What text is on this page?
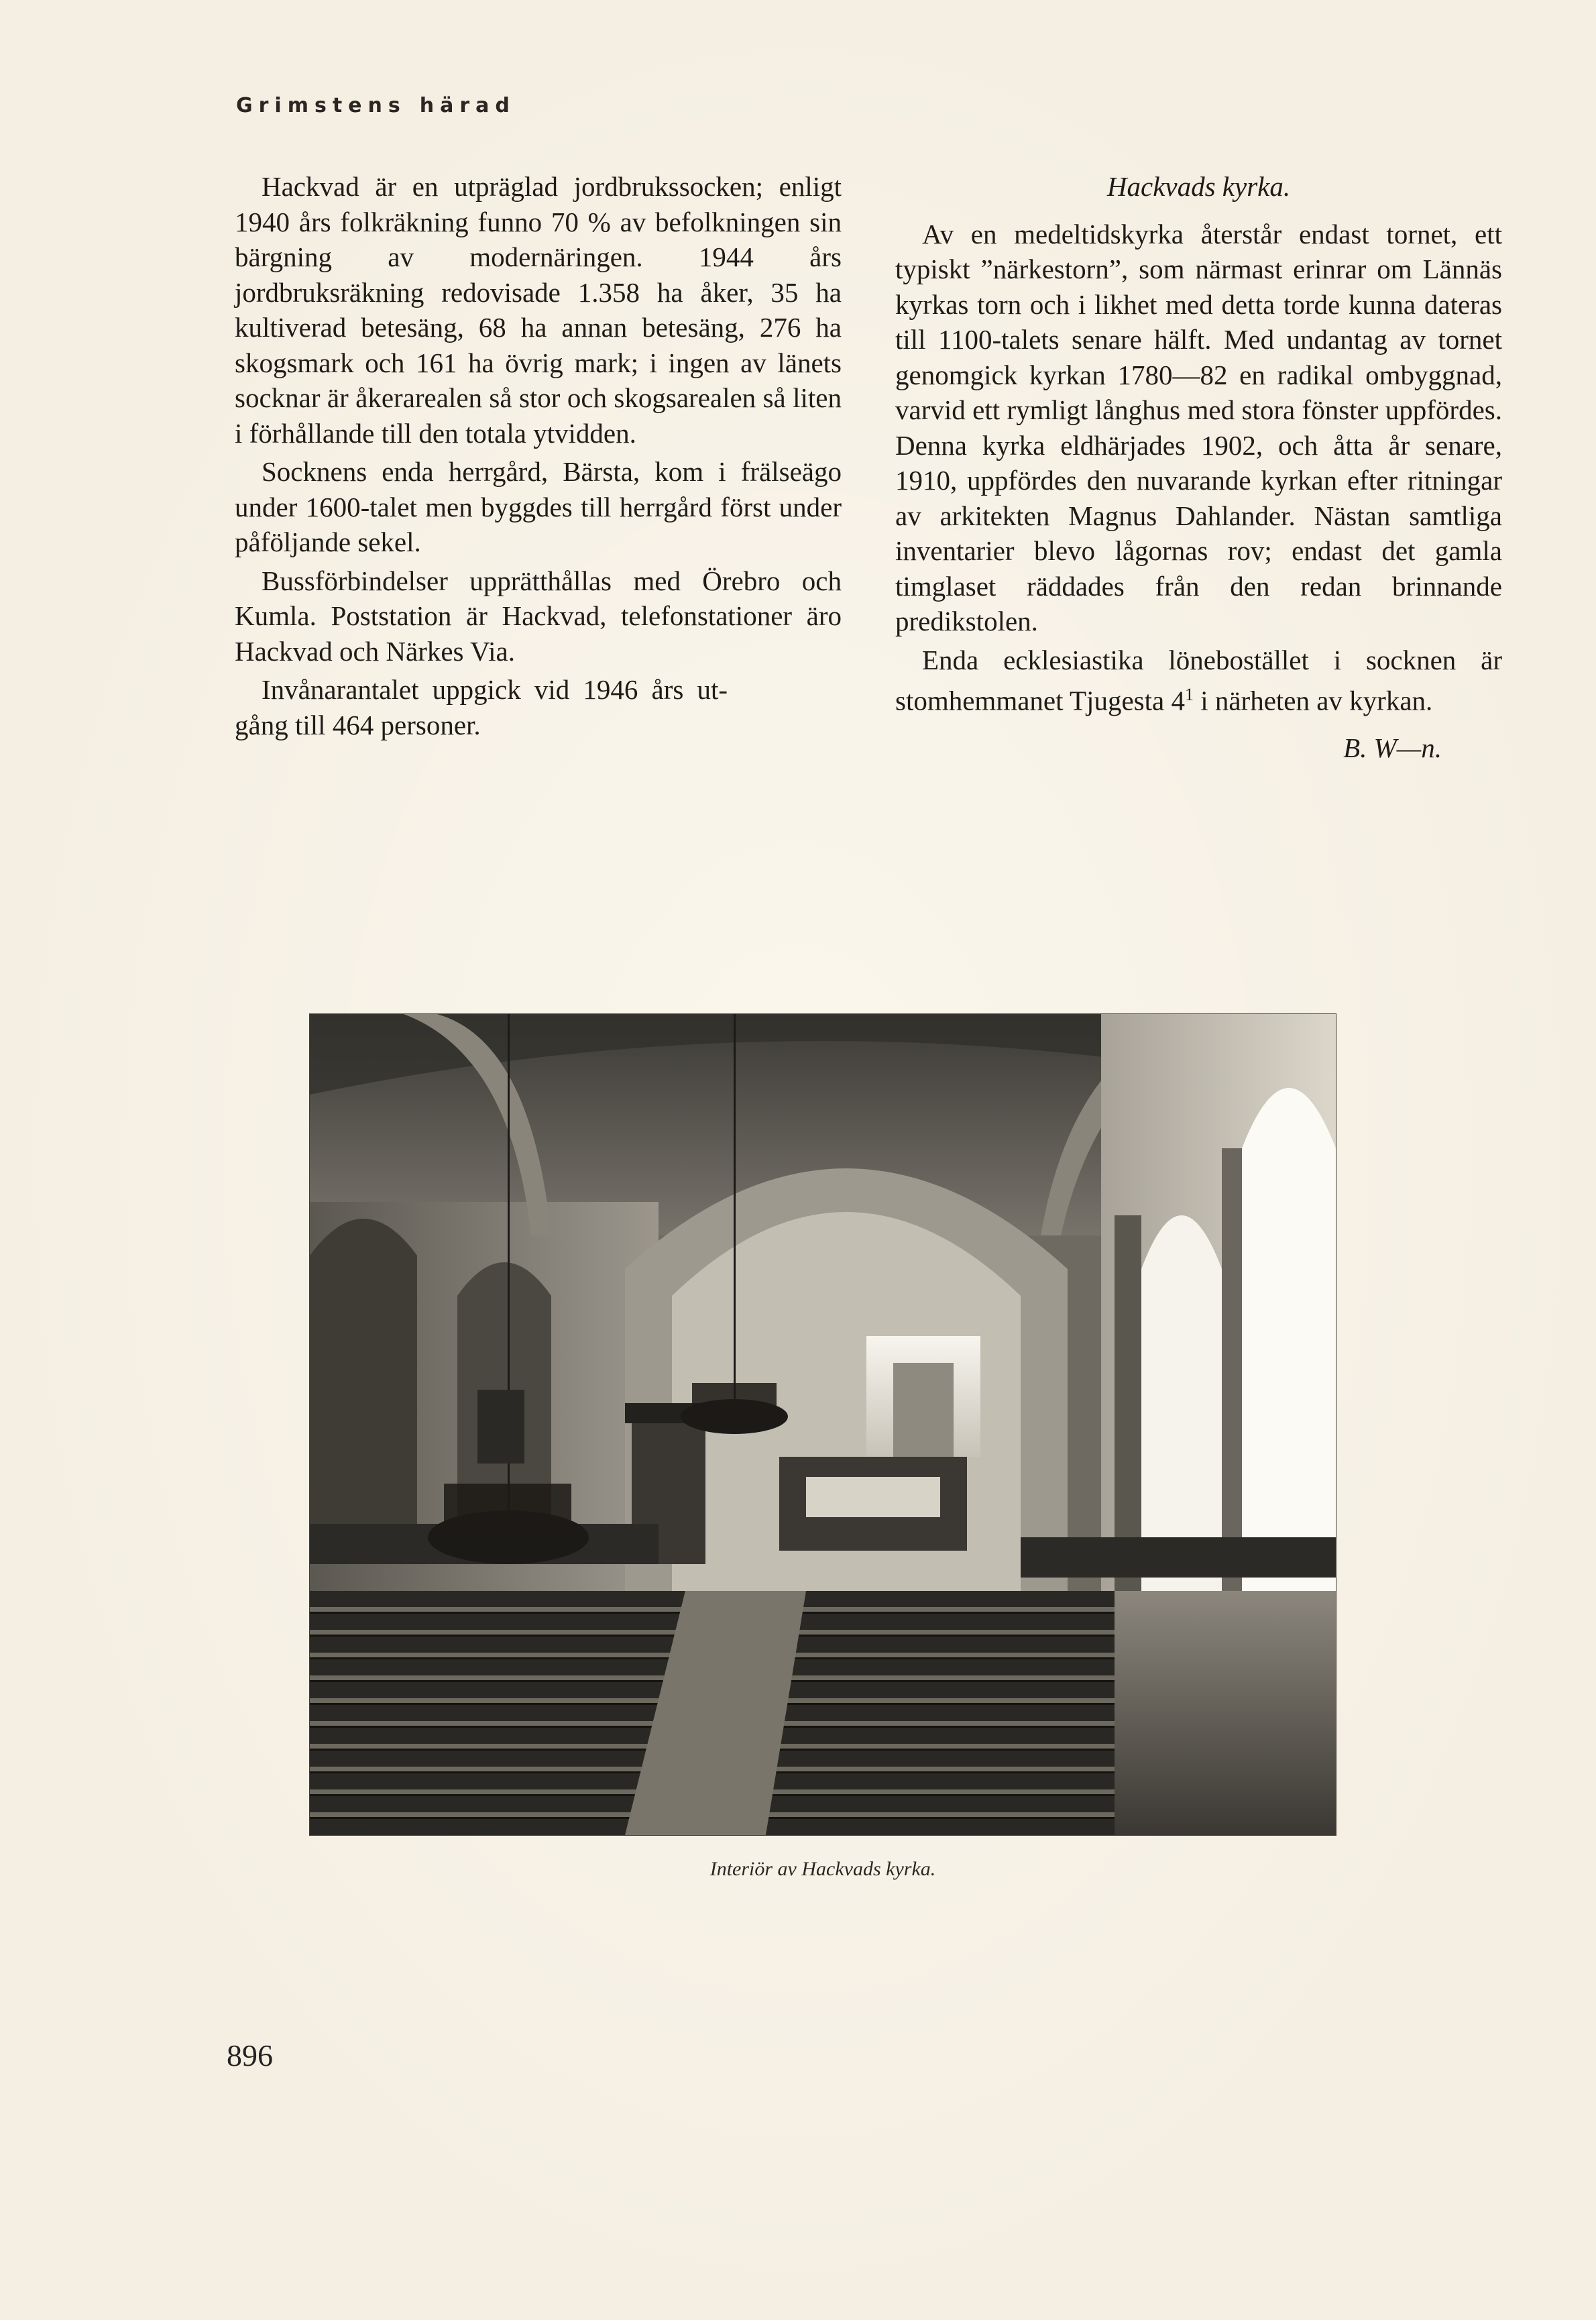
Grimstens härad

Hackvad är en utpräglad jordbrukssocken; enligt 1940 års folkräkning funno 70 % av befolkningen sin bärgning av modernäringen. 1944 års jordbruksräkning redovisade 1.358 ha åker, 35 ha kultiverad betesäng, 68 ha annan betesäng, 276 ha skogsmark och 161 ha övrig mark; i ingen av länets socknar är åkerarealen så stor och skogsarealen så liten i förhållande till den totala ytvidden.

Socknens enda herrgård, Bärsta, kom i frälseägo under 1600-talet men byggdes till herrgård först under påföljande sekel.

Bussförbindelser upprätthållas med Örebro och Kumla. Poststation är Hackvad, telefonstationer äro Hackvad och Närkes Via.

Invånarantalet uppgick vid 1946 års utgång till 464 personer.

Hackvads kyrka.

Av en medeltidskyrka återstår endast tornet, ett typiskt ”närkestorn”, som närmast erinrar om Lännäs kyrkas torn och i likhet med detta torde kunna dateras till 1100-talets senare hälft. Med undantag av tornet genomgick kyrkan 1780—82 en radikal ombyggnad, varvid ett rymligt långhus med stora fönster uppfördes. Denna kyrka eldhärjades 1902, och åtta år senare, 1910, uppfördes den nuvarande kyrkan efter ritningar av arkitekten Magnus Dahlander. Nästan samtliga inventarier blevo lågornas rov; endast det gamla timglaset räddades från den redan brinnande predikstolen.

Enda ecklesiastika lönebostället i socknen är stomhemmanet Tjugesta $4^1$ i närheten av kyrkan.

B. W—n.

Interiör av Hackvads kyrka.
896
